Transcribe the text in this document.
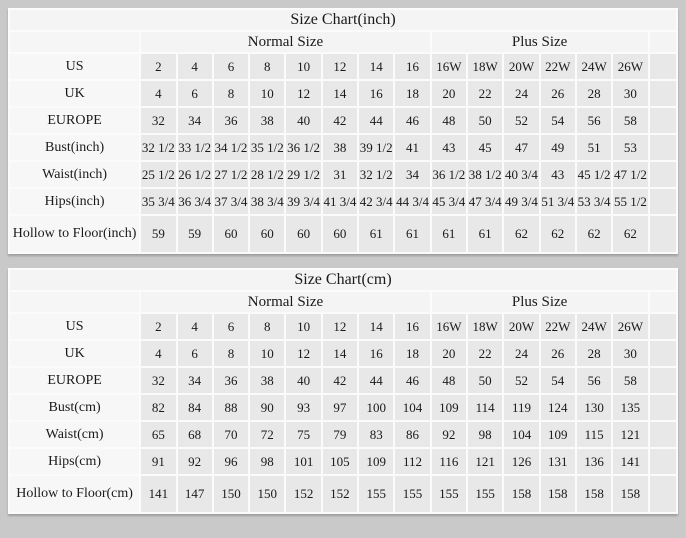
Size Chart(inch)															
	Normal Size								Plus Size						
US	2	4	6	8	10	12	14	16	16W	18W	20W	22W	24W	26W	
UK	4	6	8	10	12	14	16	18	20	22	24	26	28	30	
EUROPE	32	34	36	38	40	42	44	46	48	50	52	54	56	58	
Bust(inch)	32 1/2	33 1/2	34 1/2	35 1/2	36 1/2	38	39 1/2	41	43	45	47	49	51	53	
Waist(inch)	25 1/2	26 1/2	27 1/2	28 1/2	29 1/2	31	32 1/2	34	36 1/2	38 1/2	40 3/4	43	45 1/2	47 1/2	
Hips(inch)	35 3/4	36 3/4	37 3/4	38 3/4	39 3/4	41 3/4	42 3/4	44 3/4	45 3/4	47 3/4	49 3/4	51 3/4	53 3/4	55 1/2	
Hollow to Floor(inch)	59	59	60	60	60	60	61	61	61	61	62	62	62	62	
Size Chart(cm)															
	Normal Size								Plus Size						
US	2	4	6	8	10	12	14	16	16W	18W	20W	22W	24W	26W	
UK	4	6	8	10	12	14	16	18	20	22	24	26	28	30	
EUROPE	32	34	36	38	40	42	44	46	48	50	52	54	56	58	
Bust(cm)	82	84	88	90	93	97	100	104	109	114	119	124	130	135	
Waist(cm)	65	68	70	72	75	79	83	86	92	98	104	109	115	121	
Hips(cm)	91	92	96	98	101	105	109	112	116	121	126	131	136	141	
Hollow to Floor(cm)	141	147	150	150	152	152	155	155	155	155	158	158	158	158	
